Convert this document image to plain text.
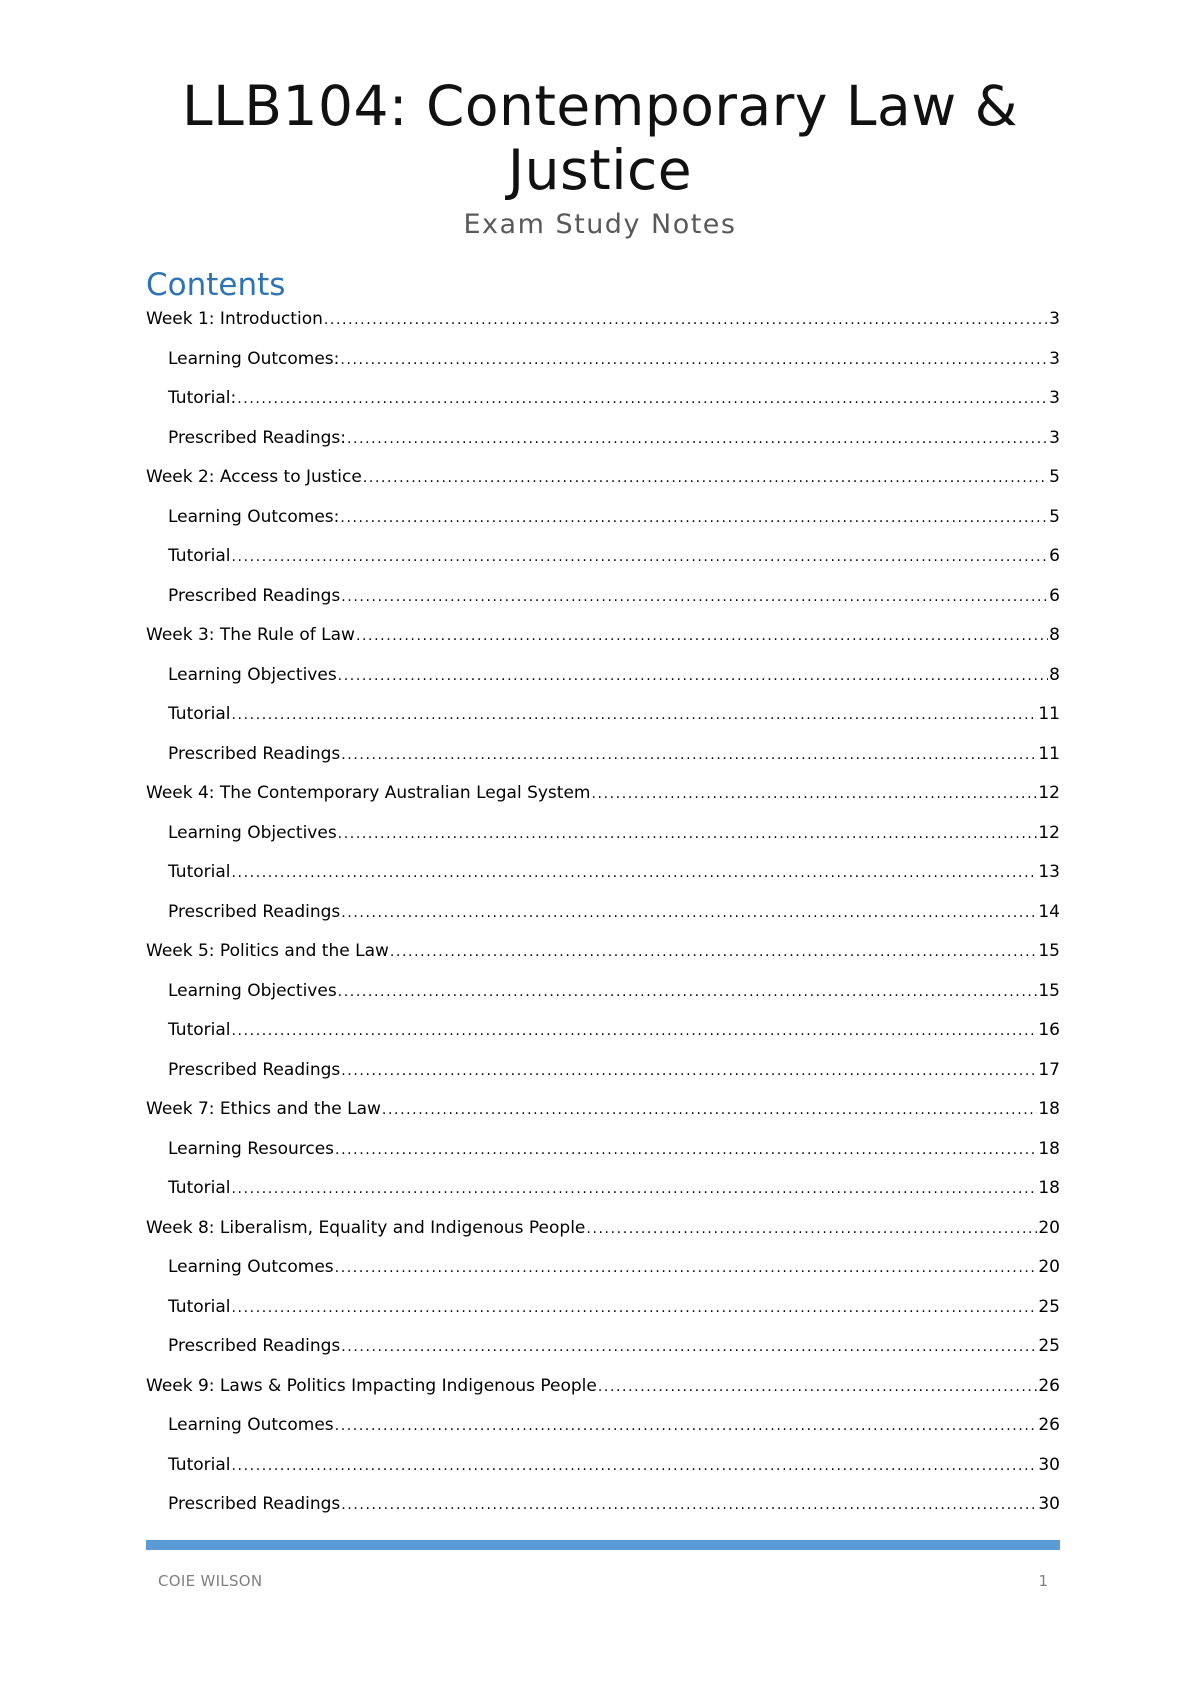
LLB104: Contemporary Law &
Justice
Exam Study Notes
Contents
Week 1: Introduction .....	3
Learning Outcomes: .....	3
Tutorial: .....	3
Prescribed Readings: .....	3
Week 2: Access to Justice .....	5
Learning Outcomes: .....	5
Tutorial .....	6
Prescribed Readings .....	6
Week 3: The Rule of Law .....	8
Learning Objectives .....	8
Tutorial .....	11
Prescribed Readings .....	11
Week 4: The Contemporary Australian Legal System .....	12
Learning Objectives .....	12
Tutorial .....	13
Prescribed Readings .....	14
Week 5: Politics and the Law .....	15
Learning Objectives .....	15
Tutorial .....	16
Prescribed Readings .....	17
Week 7: Ethics and the Law .....	18
Learning Resources .....	18
Tutorial .....	18
Week 8: Liberalism, Equality and Indigenous People .....	20
Learning Outcomes .....	20
Tutorial .....	25
Prescribed Readings .....	25
Week 9: Laws & Politics Impacting Indigenous People .....	26
Learning Outcomes .....	26
Tutorial .....	30
Prescribed Readings .....	30
COIE WILSON	1
